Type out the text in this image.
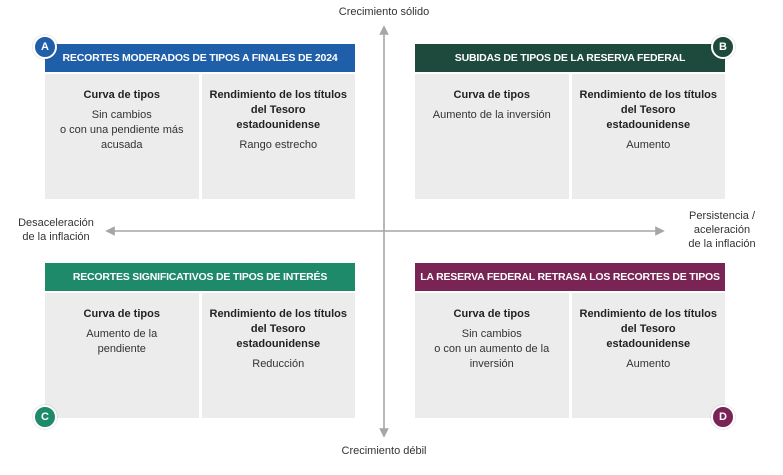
Crecimiento sólido
Crecimiento débil
Desaceleración
de la inflación
Persistencia /
aceleración
de la inflación
RECORTES MODERADOS DE TIPOS A FINALES DE 2024
Curva de tipos
Sin cambios
o con una pendiente más acusada
Rendimiento de los títulos del Tesoro estadounidense
Rango estrecho
A
SUBIDAS DE TIPOS DE LA RESERVA FEDERAL
Curva de tipos
Aumento de la inversión
Rendimiento de los títulos del Tesoro estadounidense
Aumento
B
RECORTES SIGNIFICATIVOS DE TIPOS DE INTERÉS
Curva de tipos
Aumento de la pendiente
Rendimiento de los títulos del Tesoro estadounidense
Reducción
C
LA RESERVA FEDERAL RETRASA LOS RECORTES DE TIPOS
Curva de tipos
Sin cambios
o con un aumento de la inversión
Rendimiento de los títulos del Tesoro estadounidense
Aumento
D
